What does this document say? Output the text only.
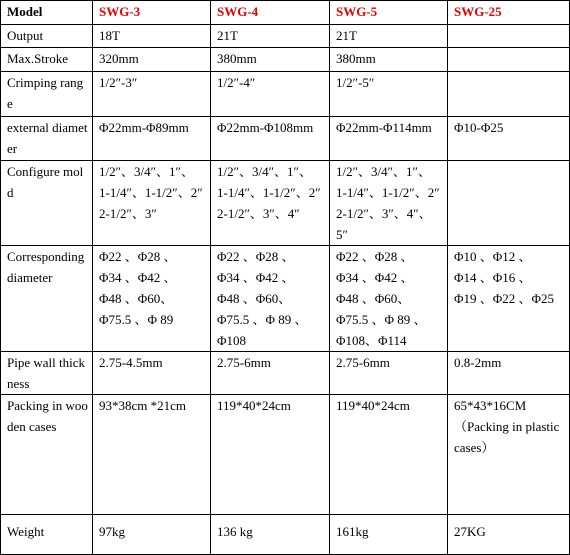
Model	SWG-3	SWG-4	SWG-5	SWG-25
Output	18T	21T	21T	
Max.Stroke	320mm	380mm	380mm	
Crimping range	1/2″-3″	1/2″-4″	1/2″-5″	
external diameter	Φ22mm-Φ89mm	Φ22mm-Φ108mm	Φ22mm-Φ114mm	Φ10-Φ25
Configure mold	1/2″、3/4″、1″、
1-1/4″、1-1/2″、2″
2-1/2″、3″	1/2″、3/4″、1″、
1-1/4″、1-1/2″、2″
2-1/2″、3″、4″	1/2″、3/4″、1″、
1-1/4″、1-1/2″、2″
2-1/2″、3″、4″、5″	
Corresponding diameter	Φ22 、Φ28 、
Φ34 、Φ42 、
Φ48 、Φ60、
Φ75.5 、Φ 89	Φ22 、Φ28 、
Φ34 、Φ42 、
Φ48 、Φ60、
Φ75.5 、Φ 89 、
Φ108	Φ22 、Φ28 、
Φ34 、Φ42 、
Φ48 、Φ60、
Φ75.5 、Φ 89 、
Φ108、Φ114	Φ10 、Φ12 、
Φ14 、Φ16 、
Φ19 、Φ22 、Φ25
Pipe wall thickness	2.75-4.5mm	2.75-6mm	2.75-6mm	0.8-2mm
Packing in wooden cases	93*38cm *21cm	119*40*24cm	119*40*24cm	65*43*16CM
（Packing in plastic cases）
Weight	97kg	136 kg	161kg	27KG
